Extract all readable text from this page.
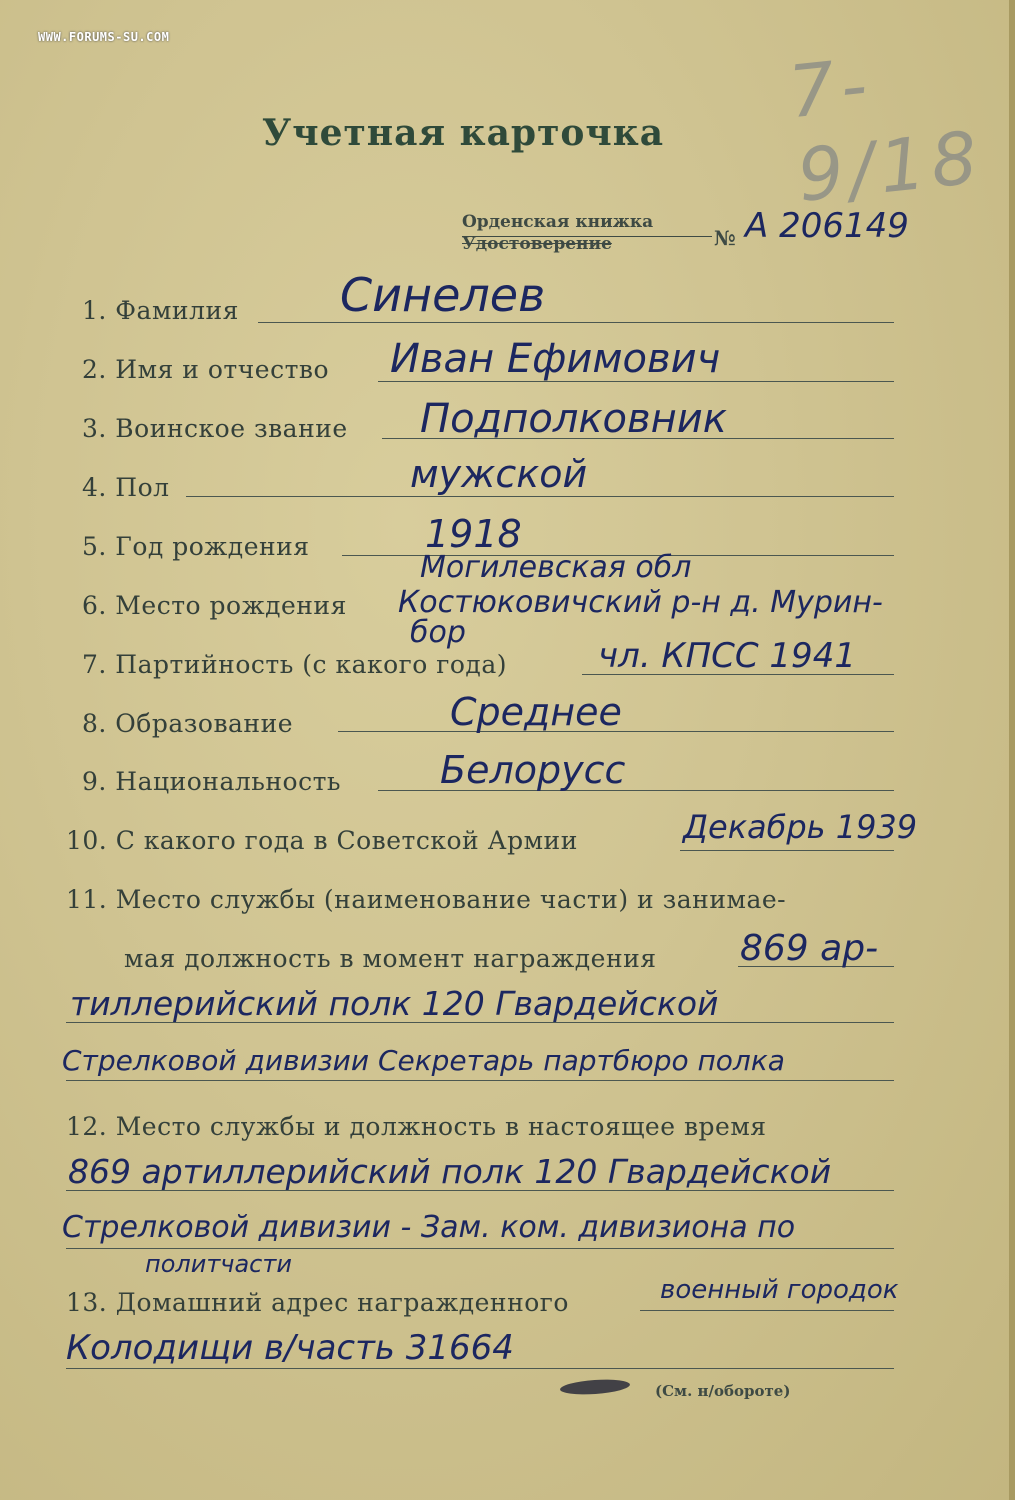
WWW.FORUMS-SU.COM
7-9/18
Учетная карточка
Орденская книжка
Удостоверение	№ А 206149
1. Фамилия Синелев
2. Имя и отчество Иван Ефимович
3. Воинское звание Подполковник
4. Пол	мужской
5. Год рождения	1918
6. Место рождения
Могилевская обл
Костюковичский р-н д. Мурин-
бор
7. Партийность (с какого года)	чл. КПСС 1941
8. Образование	Среднее
9. Национальность	Белорусс
10. С какого года в Советской Армии	Декабрь 1939
11. Место службы (наименование части) и занимае-
мая должность в момент награждения 869 ар-
тиллерийский полк 120 Гвардейской
Стрелковой дивизии Секретарь партбюро полка
12. Место службы и должность в настоящее время
869 артиллерийский полк 120 Гвардейской
Стрелковой дивизии - Зам. ком. дивизиона по
политчасти
13. Домашний адрес награжденного	военный городок
Колодищи в/часть 31664
(См. н/обороте)
